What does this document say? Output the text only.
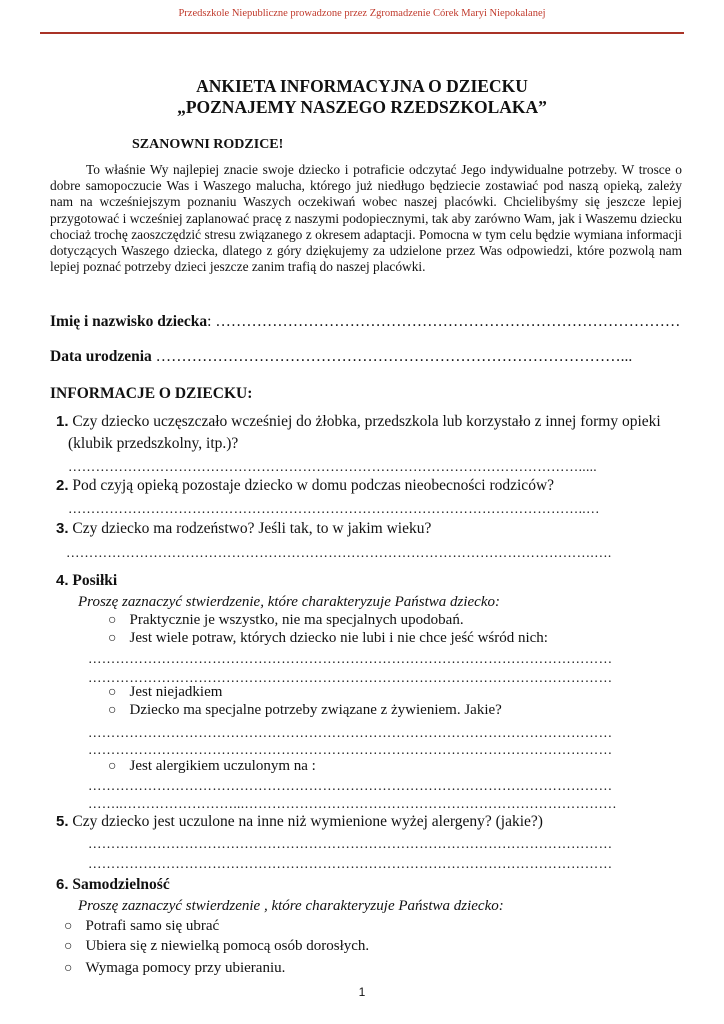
Przedszkole Niepubliczne prowadzone przez Zgromadzenie Córek Maryi Niepokalanej
ANKIETA INFORMACYJNA O DZIECKU
„POZNAJEMY NASZEGO RZEDSZKOLAKA”
SZANOWNI RODZICE!

To właśnie Wy najlepiej znacie swoje dziecko i potraficie odczytać Jego indywidualne potrzeby. W trosce o dobre samopoczucie Was i Waszego malucha, którego już niedługo będziecie zostawiać pod naszą opieką, zależy nam na wcześniejszym poznaniu Waszych oczekiwań wobec naszej placówki. Chcielibyśmy się jeszcze lepiej przygotować i wcześniej zaplanować pracę z naszymi podopiecznymi, tak aby zarówno Wam, jak i Waszemu dziecku chociaż trochę zaoszczędzić stresu związanego z okresem adaptacji. Pomocna w tym celu będzie wymiana informacji dotyczących Waszego dziecka, dlatego z góry dziękujemy za udzielone przez Was odpowiedzi, które pozwolą nam lepiej poznać potrzeby dzieci jeszcze zanim trafią do naszej placówki.

Imię i nazwisko dziecka: ………………………………………………………………………………
Data urodzenia ………………………………………………………………………………...
INFORMACJE O DZIECKU:
1. Czy dziecko uczęszczało wcześniej do żłobka, przedszkola lub korzystało z innej formy opieki
(klubik przedszkolny, itp.)?
………………………………………………………………………………………………….....
2. Pod czyją opieką pozostaje dziecko w domu podczas nieobecności rodziców?
…………………………………………………………………………………………………..…
3. Czy dziecko ma rodzeństwo? Jeśli tak, to w jakim wieku?
…………………………………………………………………………………………………….….
4. Posiłki
Proszę zaznaczyć stwierdzenie, które charakteryzuje Państwa dziecko:
○ Praktycznie je wszystko, nie ma specjalnych upodobań.
○ Jest wiele potraw, których dziecko nie lubi i nie chce jeść wśród nich:
……………………………………………………………………………………………………
……………………………………………………………………………………………………
○ Jest niejadkiem
○ Dziecko ma specjalne potrzeby związane z żywieniem. Jakie?
……………………………………………………………………………………………………
……………………………………………………………………………………………………
○ Jest alergikiem uczulonym na :
……………………………………………………………………………………………………
……..……………………...………………………………………………………………………
5. Czy dziecko jest uczulone na inne niż wymienione wyżej alergeny? (jakie?)
……………………………………………………………………………………………………
……………………………………………………………………………………………………
6. Samodzielność
Proszę zaznaczyć stwierdzenie , które charakteryzuje Państwa dziecko:
○ Potrafi samo się ubrać
○ Ubiera się z niewielką pomocą osób dorosłych.
○ Wymaga pomocy przy ubieraniu.
1
